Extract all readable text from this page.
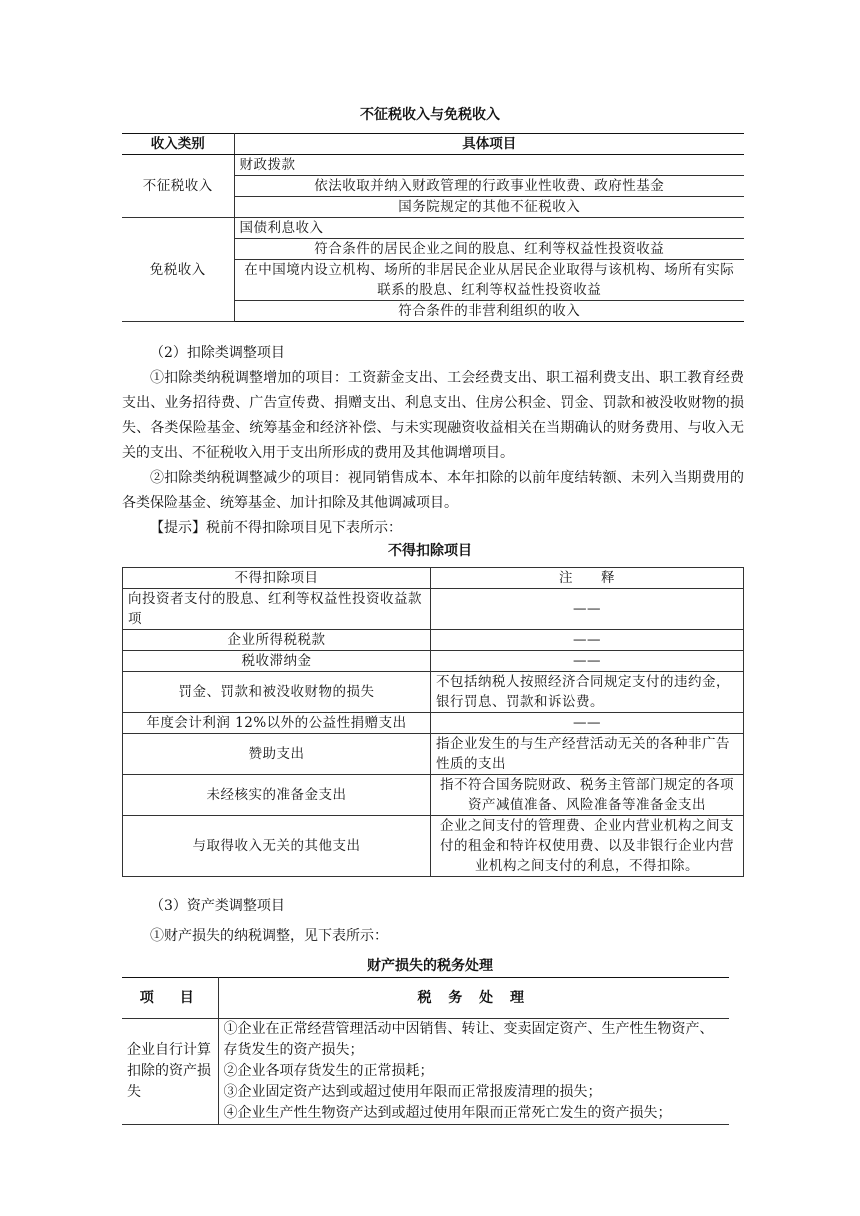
不征税收入与免税收入
收入类别	具体项目
不征税收入	财政拨款
	依法收取并纳入财政管理的行政事业性收费、政府性基金
	国务院规定的其他不征税收入
免税收入	国债利息收入
	符合条件的居民企业之间的股息、红利等权益性投资收益
	在中国境内设立机构、场所的非居民企业从居民企业取得与该机构、场所有实际联系的股息、红利等权益性投资收益
	符合条件的非营利组织的收入
（2）扣除类调整项目
①扣除类纳税调整增加的项目：工资薪金支出、工会经费支出、职工福利费支出、职工教育经费支出、业务招待费、广告宣传费、捐赠支出、利息支出、住房公积金、罚金、罚款和被没收财物的损失、各类保险基金、统筹基金和经济补偿、与未实现融资收益相关在当期确认的财务费用、与收入无关的支出、不征税收入用于支出所形成的费用及其他调增项目。
②扣除类纳税调整减少的项目：视同销售成本、本年扣除的以前年度结转额、未列入当期费用的各类保险基金、统筹基金、加计扣除及其他调减项目。
【提示】税前不得扣除项目见下表所示：
不得扣除项目
不得扣除项目	注　　释
向投资者支付的股息、红利等权益性投资收益款项	——
企业所得税税款	——
税收滞纳金	——
罚金、罚款和被没收财物的损失	不包括纳税人按照经济合同规定支付的违约金，银行罚息、罚款和诉讼费。
年度会计利润 12%以外的公益性捐赠支出	——
赞助支出	指企业发生的与生产经营活动无关的各种非广告性质的支出
未经核实的准备金支出	指不符合国务院财政、税务主管部门规定的各项资产减值准备、风险准备等准备金支出
与取得收入无关的其他支出	企业之间支付的管理费、企业内营业机构之间支付的租金和特许权使用费、以及非银行企业内营业机构之间支付的利息，不得扣除。
（3）资产类调整项目
①财产损失的纳税调整，见下表所示：
财产损失的税务处理
项　目	税 务 处 理
企业自行计算扣除的资产损失	①企业在正常经营管理活动中因销售、转让、变卖固定资产、生产性生物资产、存货发生的资产损失；
②企业各项存货发生的正常损耗；
③企业固定资产达到或超过使用年限而正常报废清理的损失；
④企业生产性生物资产达到或超过使用年限而正常死亡发生的资产损失；
